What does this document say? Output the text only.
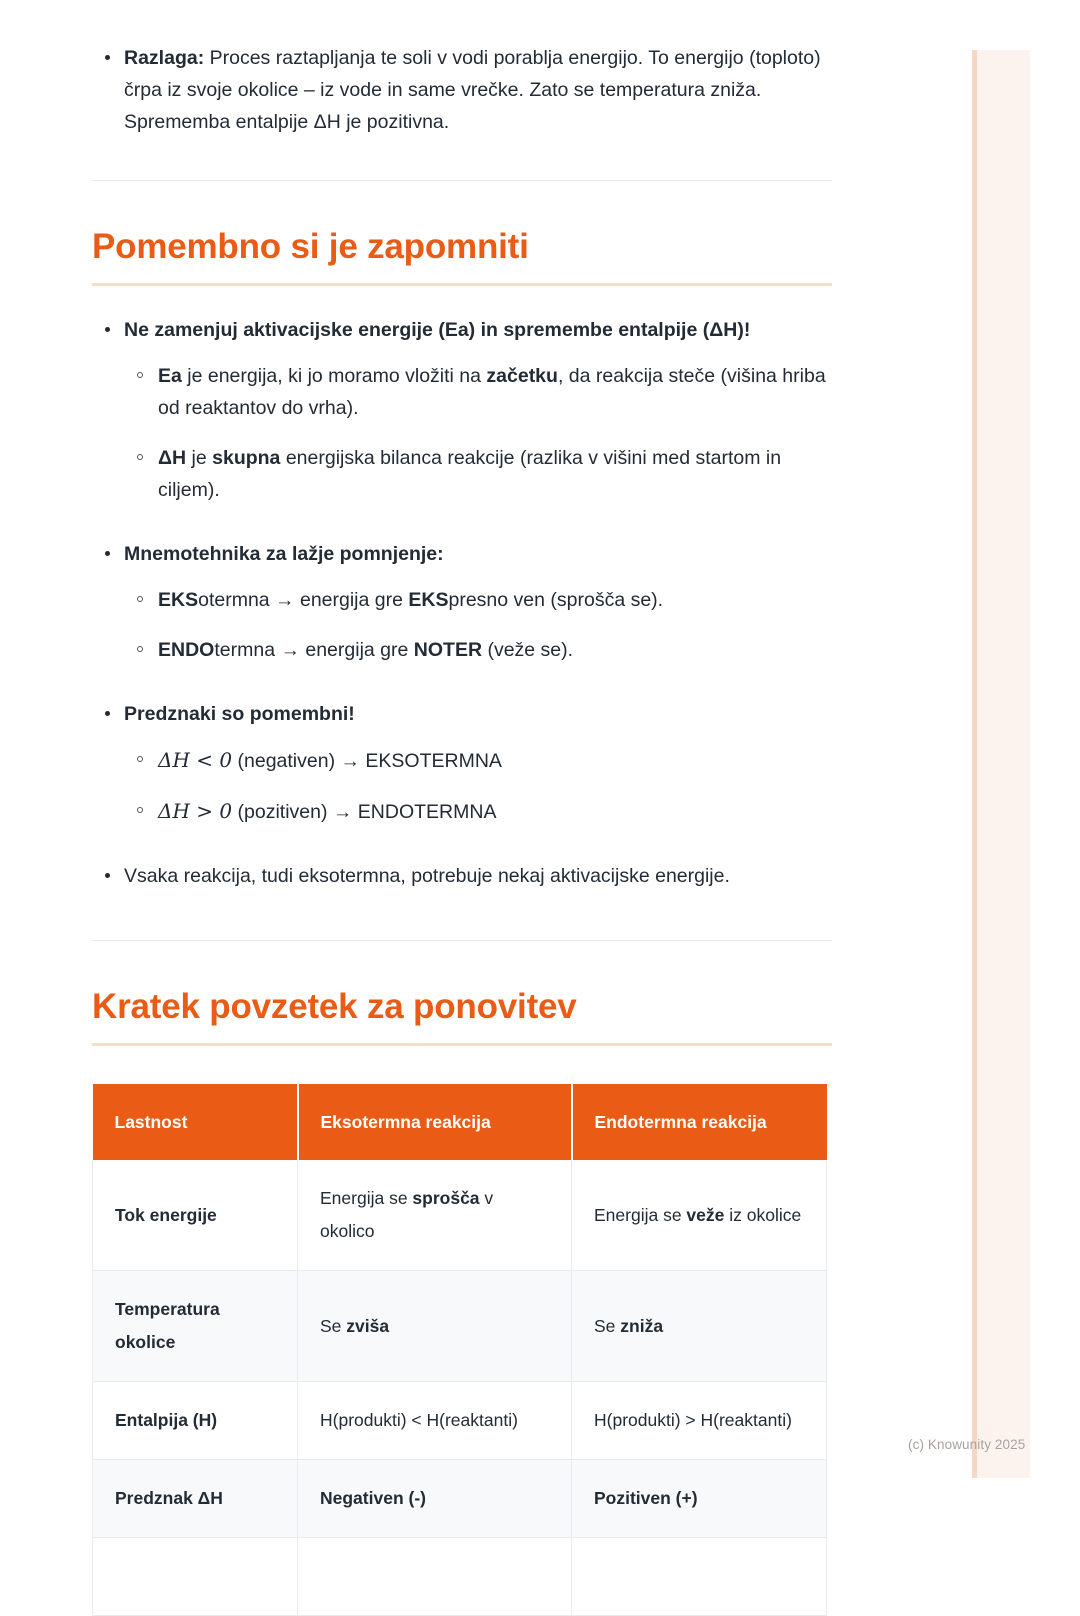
Razlaga: Proces raztapljanja te soli v vodi porablja energijo. To energijo (toploto) črpa iz svoje okolice – iz vode in same vrečke. Zato se temperatura zniža. Sprememba entalpije ΔH je pozitivna.
Pomembno si je zapomniti
Ne zamenjuj aktivacijske energije (Ea) in spremembe entalpije (ΔH)!
Ea je energija, ki jo moramo vložiti na začetku, da reakcija steče (višina hriba od reaktantov do vrha).
ΔH je skupna energijska bilanca reakcije (razlika v višini med startom in ciljem).
Mnemotehnika za lažje pomnjenje:
EKSotermna → energija gre EKSpresno ven (sprošča se).
ENDOtermna → energija gre NOTER (veže se).
Predznaki so pomembni!
ΔH < 0 (negativen) → EKSOTERMNA
ΔH > 0 (pozitiven) → ENDOTERMNA
Vsaka reakcija, tudi eksotermna, potrebuje nekaj aktivacijske energije.
Kratek povzetek za ponovitev
Lastnost	Eksotermna reakcija	Endotermna reakcija
Tok energije	Energija se sprošča v okolico	Energija se veže iz okolice
Temperatura okolice	Se zviša	Se zniža
Entalpija (H)	H(produkti) < H(reaktanti)	H(produkti) > H(reaktanti)
Predznak ΔH	Negativen (-)	Pozitiven (+)

(c) Knowunity 2025
